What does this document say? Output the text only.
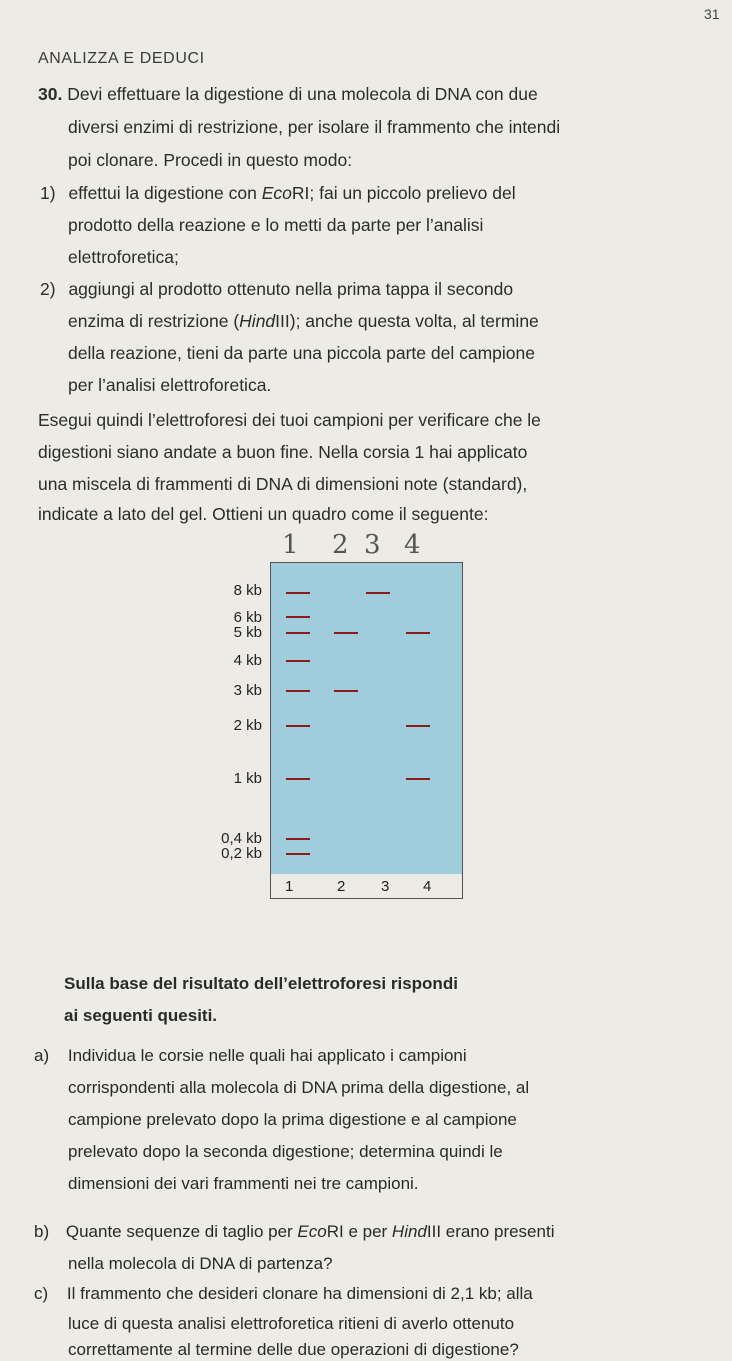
31
ANALIZZA E DEDUCI
30. Devi effettuare la digestione di una molecola di DNA con due
diversi enzimi di restrizione, per isolare il frammento che intendi
poi clonare. Procedi in questo modo:
1) effettui la digestione con EcoRI; fai un piccolo prelievo del
prodotto della reazione e lo metti da parte per l’analisi
elettroforetica;
2) aggiungi al prodotto ottenuto nella prima tappa il secondo
enzima di restrizione (HindIII); anche questa volta, al termine
della reazione, tieni da parte una piccola parte del campione
per l’analisi elettroforetica.
Esegui quindi l’elettroforesi dei tuoi campioni per verificare che le
digestioni siano andate a buon fine. Nella corsia 1 hai applicato
una miscela di frammenti di DNA di dimensioni note (standard),
indicate a lato del gel. Ottieni un quadro come il seguente:
1 2 3 4
1	2 3 4
8 kb
6 kb
5 kb
4 kb
3 kb
2 kb
1 kb
0,4 kb
0,2 kb
Sulla base del risultato dell’elettroforesi rispondi
ai seguenti quesiti.
a) Individua le corsie nelle quali hai applicato i campioni
corrispondenti alla molecola di DNA prima della digestione, al
campione prelevato dopo la prima digestione e al campione
prelevato dopo la seconda digestione; determina quindi le
dimensioni dei vari frammenti nei tre campioni.
b) Quante sequenze di taglio per EcoRI e per HindIII erano presenti
nella molecola di DNA di partenza?
c) Il frammento che desideri clonare ha dimensioni di 2,1 kb; alla
luce di questa analisi elettroforetica ritieni di averlo ottenuto
correttamente al termine delle due operazioni di digestione?
